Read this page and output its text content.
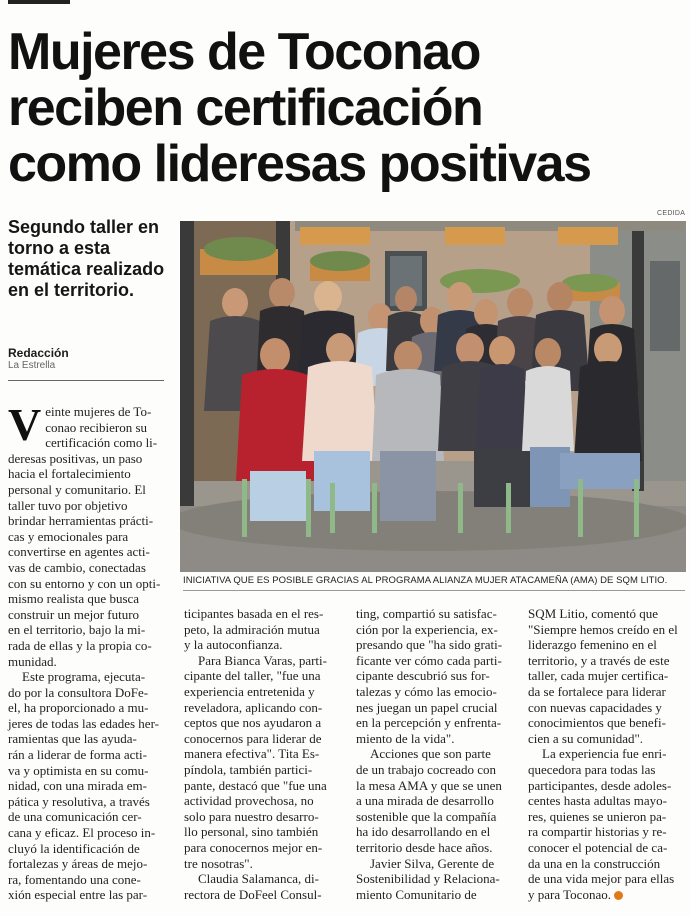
Mujeres de Toconao
reciben certificación
como lideresas positivas
Segundo taller en torno a esta temática realizado en el territorio.
Redacción
La Estrella
CEDIDA
INICIATIVA QUE ES POSIBLE GRACIAS AL PROGRAMA ALIANZA MUJER ATACAMEÑA (AMA) DE SQM LITIO.
V einte mujeres de To-
conao recibieron su
certificación como li-
deresas positivas, un paso
hacia el fortalecimiento
personal y comunitario. El
taller tuvo por objetivo
brindar herramientas prácti-
cas y emocionales para
convertirse en agentes acti-
vas de cambio, conectadas
con su entorno y con un opti-
mismo realista que busca
construir un mejor futuro
en el territorio, bajo la mi-
rada de ellas y la propia co-
munidad.
Este programa, ejecuta-
do por la consultora DoFe-
el, ha proporcionado a mu-
jeres de todas las edades her-
ramientas que las ayuda-
rán a liderar de forma acti-
va y optimista en su comu-
nidad, con una mirada em-
pática y resolutiva, a través
de una comunicación cer-
cana y eficaz. El proceso in-
cluyó la identificación de
fortalezas y áreas de mejo-
ra, fomentando una cone-
xión especial entre las par-
ticipantes basada en el res-
peto, la admiración mutua
y la autoconfianza.
Para Bianca Varas, parti-
cipante del taller, "fue una
experiencia entretenida y
reveladora, aplicando con-
ceptos que nos ayudaron a
conocernos para liderar de
manera efectiva". Tita Es-
píndola, también partici-
pante, destacó que "fue una
actividad provechosa, no
solo para nuestro desarro-
llo personal, sino también
para conocernos mejor en-
tre nosotras".
Claudia Salamanca, di-
rectora de DoFeel Consul-
ting, compartió su satisfac-
ción por la experiencia, ex-
presando que "ha sido grati-
ficante ver cómo cada parti-
cipante descubrió sus for-
talezas y cómo las emocio-
nes juegan un papel crucial
en la percepción y enfrenta-
miento de la vida".
Acciones que son parte
de un trabajo cocreado con
la mesa AMA y que se unen
a una mirada de desarrollo
sostenible que la compañía
ha ido desarrollando en el
territorio desde hace años.
Javier Silva, Gerente de
Sostenibilidad y Relaciona-
miento Comunitario de
SQM Litio, comentó que
"Siempre hemos creído en el
liderazgo femenino en el
territorio, y a través de este
taller, cada mujer certifica-
da se fortalece para liderar
con nuevas capacidades y
conocimientos que benefi-
cien a su comunidad".
La experiencia fue enri-
quecedora para todas las
participantes, desde adoles-
centes hasta adultas mayo-
res, quienes se unieron pa-
ra compartir historias y re-
conocer el potencial de ca-
da una en la construcción
de una vida mejor para ellas
y para Toconao.
